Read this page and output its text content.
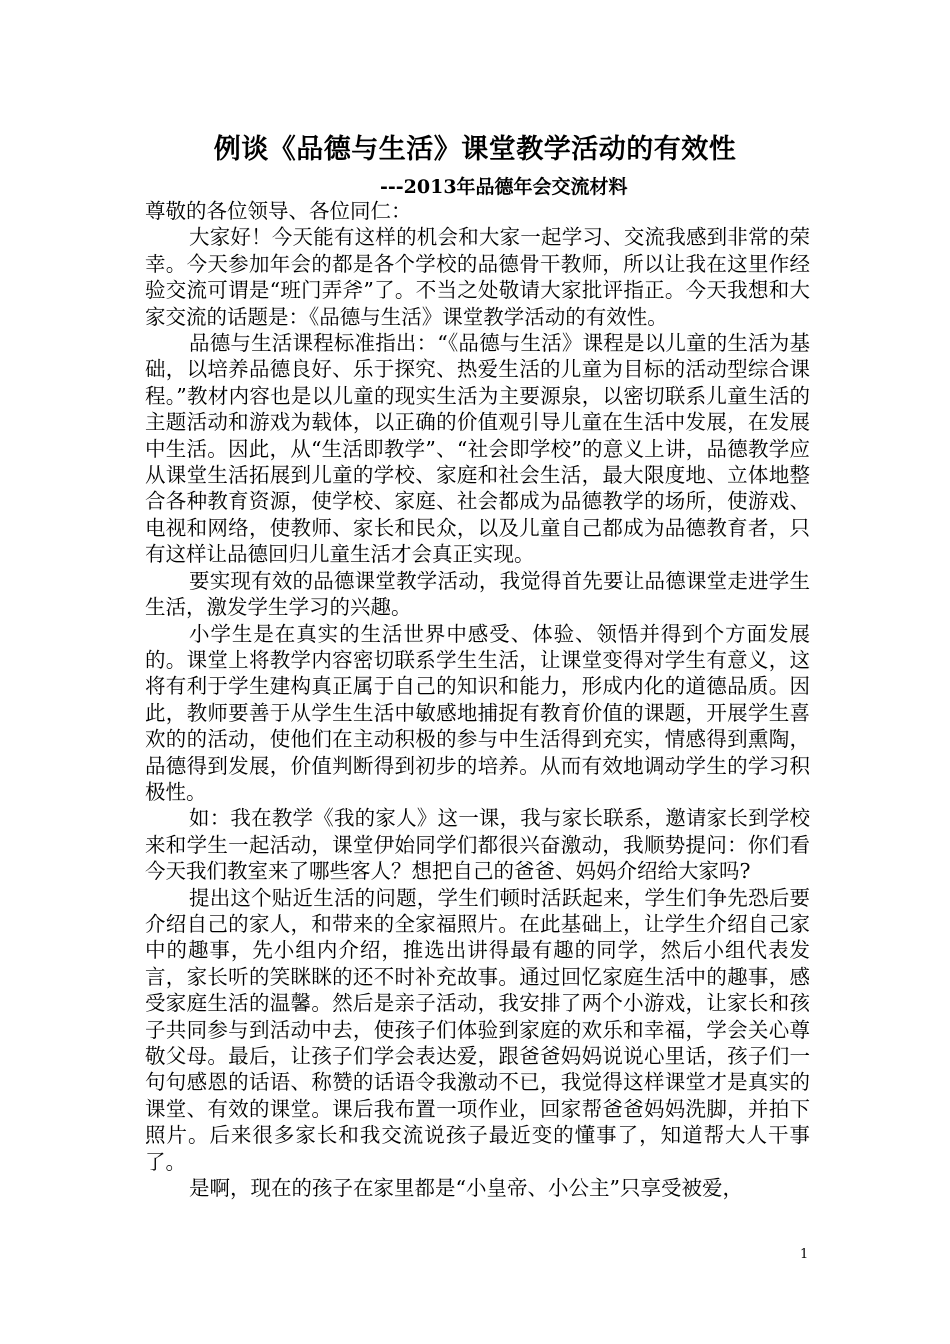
例谈《品德与生活》课堂教学活动的有效性
---2013年品德年会交流材料

尊敬的各位领导、各位同仁：

大家好！今天能有这样的机会和大家一起学习、交流我感到非常的荣幸。今天参加年会的都是各个学校的品德骨干教师，所以让我在这里作经验交流可谓是“班门弄斧”了。不当之处敬请大家批评指正。今天我想和大家交流的话题是：《品德与生活》课堂教学活动的有效性。

品德与生活课程标准指出：“《品德与生活》课程是以儿童的生活为基础，以培养品德良好、乐于探究、热爱生活的儿童为目标的活动型综合课程。”教材内容也是以儿童的现实生活为主要源泉，以密切联系儿童生活的主题活动和游戏为载体，以正确的价值观引导儿童在生活中发展，在发展中生活。因此，从“生活即教学”、“社会即学校”的意义上讲，品德教学应从课堂生活拓展到儿童的学校、家庭和社会生活，最大限度地、立体地整合各种教育资源，使学校、家庭、社会都成为品德教学的场所，使游戏、电视和网络，使教师、家长和民众，以及儿童自己都成为品德教育者，只有这样让品德回归儿童生活才会真正实现。

要实现有效的品德课堂教学活动，我觉得首先要让品德课堂走进学生生活，激发学生学习的兴趣。

小学生是在真实的生活世界中感受、体验、领悟并得到个方面发展的。课堂上将教学内容密切联系学生生活，让课堂变得对学生有意义，这将有利于学生建构真正属于自己的知识和能力，形成内化的道德品质。因此，教师要善于从学生生活中敏感地捕捉有教育价值的课题，开展学生喜欢的的活动，使他们在主动积极的参与中生活得到充实，情感得到熏陶，品德得到发展，价值判断得到初步的培养。从而有效地调动学生的学习积极性。

如：我在教学《我的家人》这一课，我与家长联系，邀请家长到学校来和学生一起活动，课堂伊始同学们都很兴奋激动，我顺势提问：你们看今天我们教室来了哪些客人？想把自己的爸爸、妈妈介绍给大家吗?

提出这个贴近生活的问题，学生们顿时活跃起来，学生们争先恐后要介绍自己的家人，和带来的全家福照片。在此基础上，让学生介绍自己家中的趣事，先小组内介绍，推选出讲得最有趣的同学，然后小组代表发言，家长听的笑眯眯的还不时补充故事。通过回忆家庭生活中的趣事，感受家庭生活的温馨。然后是亲子活动，我安排了两个小游戏，让家长和孩子共同参与到活动中去，使孩子们体验到家庭的欢乐和幸福，学会关心尊敬父母。最后，让孩子们学会表达爱，跟爸爸妈妈说说心里话，孩子们一句句感恩的话语、称赞的话语令我激动不已，我觉得这样课堂才是真实的课堂、有效的课堂。课后我布置一项作业，回家帮爸爸妈妈洗脚，并拍下照片。后来很多家长和我交流说孩子最近变的懂事了，知道帮大人干事了。

是啊，现在的孩子在家里都是“小皇帝、小公主”只享受被爱，

1
